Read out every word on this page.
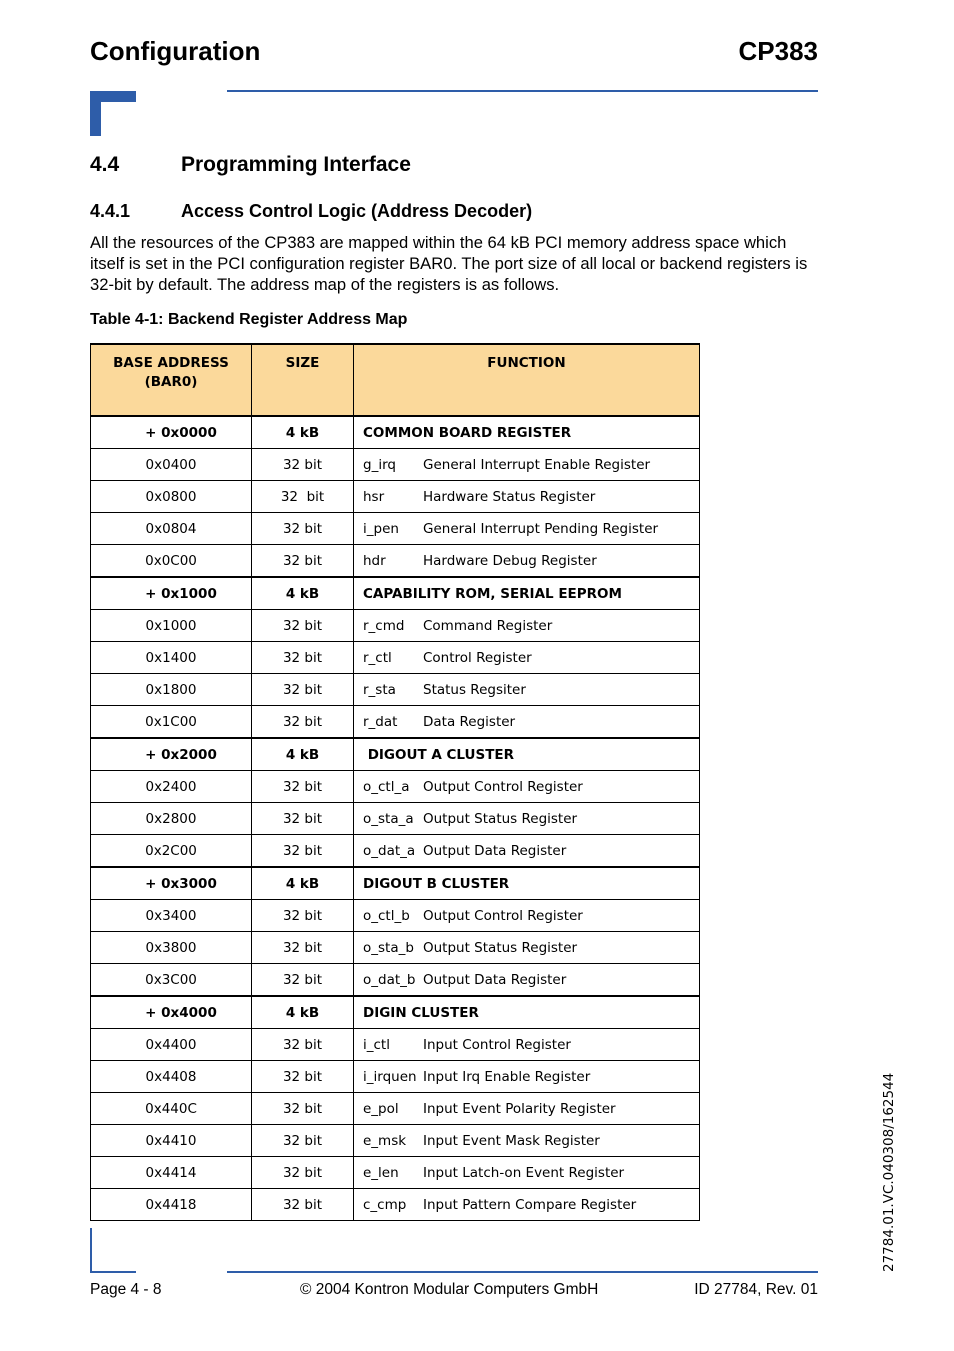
Configuration	CP383
4.4	Programming Interface
4.4.1	Access Control Logic (Address Decoder)
All the resources of the CP383 are mapped within the 64 kB PCI memory address space which itself is set in the PCI configuration register BAR0. The port size of all local or backend registers is 32-bit by default. The address map of the registers is as follows.
Table 4-1: Backend Register Address Map
BASE ADDRESS
(BAR0)	SIZE	FUNCTION
+ 0x0000	4 kB	COMMON BOARD REGISTER
0x0400	32 bit	g_irq General Interrupt Enable Register
0x0800	32  bit	hsr Hardware Status Register
0x0804	32 bit	i_pen General Interrupt Pending Register
0x0C00	32 bit	hdr Hardware Debug Register
+ 0x1000	4 kB	CAPABILITY ROM, SERIAL EEPROM
0x1000	32 bit	r_cmd Command Register
0x1400	32 bit	r_ctl Control Register
0x1800	32 bit	r_sta Status Regsiter
0x1C00	32 bit	r_dat Data Register
+ 0x2000	4 kB	DIGOUT A CLUSTER
0x2400	32 bit	o_ctl_a Output Control Register
0x2800	32 bit	o_sta_a Output Status Register
0x2C00	32 bit	o_dat_a Output Data Register
+ 0x3000	4 kB	DIGOUT B CLUSTER
0x3400	32 bit	o_ctl_b Output Control Register
0x3800	32 bit	o_sta_b Output Status Register
0x3C00	32 bit	o_dat_b Output Data Register
+ 0x4000	4 kB	DIGIN CLUSTER
0x4400	32 bit	i_ctl Input Control Register
0x4408	32 bit	i_irquen Input Irq Enable Register
0x440C	32 bit	e_pol Input Event Polarity Register
0x4410	32 bit	e_msk Input Event Mask Register
0x4414	32 bit	e_len Input Latch-on Event Register
0x4418	32 bit	c_cmp Input Pattern Compare Register
Page 4 - 8	© 2004 Kontron Modular Computers GmbH	ID 27784, Rev. 01
27784.01.VC.040308/162544
